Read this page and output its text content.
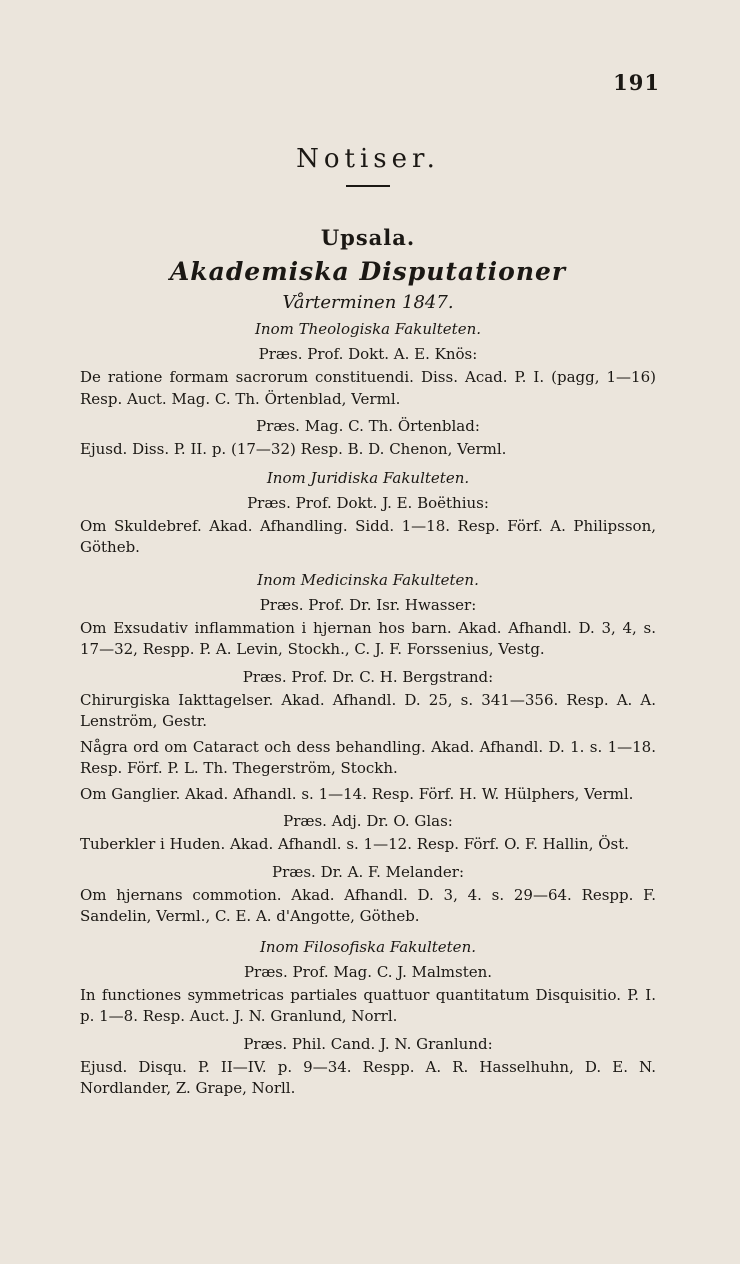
191
Notiser.
Upsala.
Akademiska Disputationer
Vårterminen 1847.
Inom Theologiska Fakulteten.
Præs. Prof. Dokt. A. E. Knös:
De ratione formam sacrorum constituendi. Diss. Acad. P. I. (pagg, 1—16) Resp. Auct. Mag. C. Th. Örtenblad, Verml.
Præs. Mag. C. Th. Örtenblad:
Ejusd. Diss. P. II. p. (17—32) Resp. B. D. Chenon, Verml.
Inom Juridiska Fakulteten.
Præs. Prof. Dokt. J. E. Boëthius:
Om Skuldebref. Akad. Afhandling. Sidd. 1—18. Resp. Förf. A. Philipsson, Götheb.
Inom Medicinska Fakulteten.
Præs. Prof. Dr. Isr. Hwasser:
Om Exsudativ inflammation i hjernan hos barn. Akad. Afhandl. D. 3, 4, s. 17—32, Respp. P. A. Levin, Stockh., C. J. F. Forssenius, Vestg.
Præs. Prof. Dr. C. H. Bergstrand:
Chirurgiska Iakttagelser. Akad. Afhandl. D. 25, s. 341—356. Resp. A. A. Lenström, Gestr.
Några ord om Cataract och dess behandling. Akad. Afhandl. D. 1. s. 1—18. Resp. Förf. P. L. Th. Thegerström, Stockh.
Om Ganglier. Akad. Afhandl. s. 1—14. Resp. Förf. H. W. Hülphers, Verml.
Præs. Adj. Dr. O. Glas:
Tuberkler i Huden. Akad. Afhandl. s. 1—12. Resp. Förf. O. F. Hallin, Öst.
Præs. Dr. A. F. Melander:
Om hjernans commotion. Akad. Afhandl. D. 3, 4. s. 29—64. Respp. F. Sandelin, Verml., C. E. A. d'Angotte, Götheb.
Inom Filosofiska Fakulteten.
Præs. Prof. Mag. C. J. Malmsten.
In functiones symmetricas partiales quattuor quantitatum Disquisitio. P. I. p. 1—8. Resp. Auct. J. N. Granlund, Norrl.
Præs. Phil. Cand. J. N. Granlund:
Ejusd. Disqu. P. II—IV. p. 9—34. Respp. A. R. Hasselhuhn, D. E. N. Nordlander, Z. Grape, Norll.
